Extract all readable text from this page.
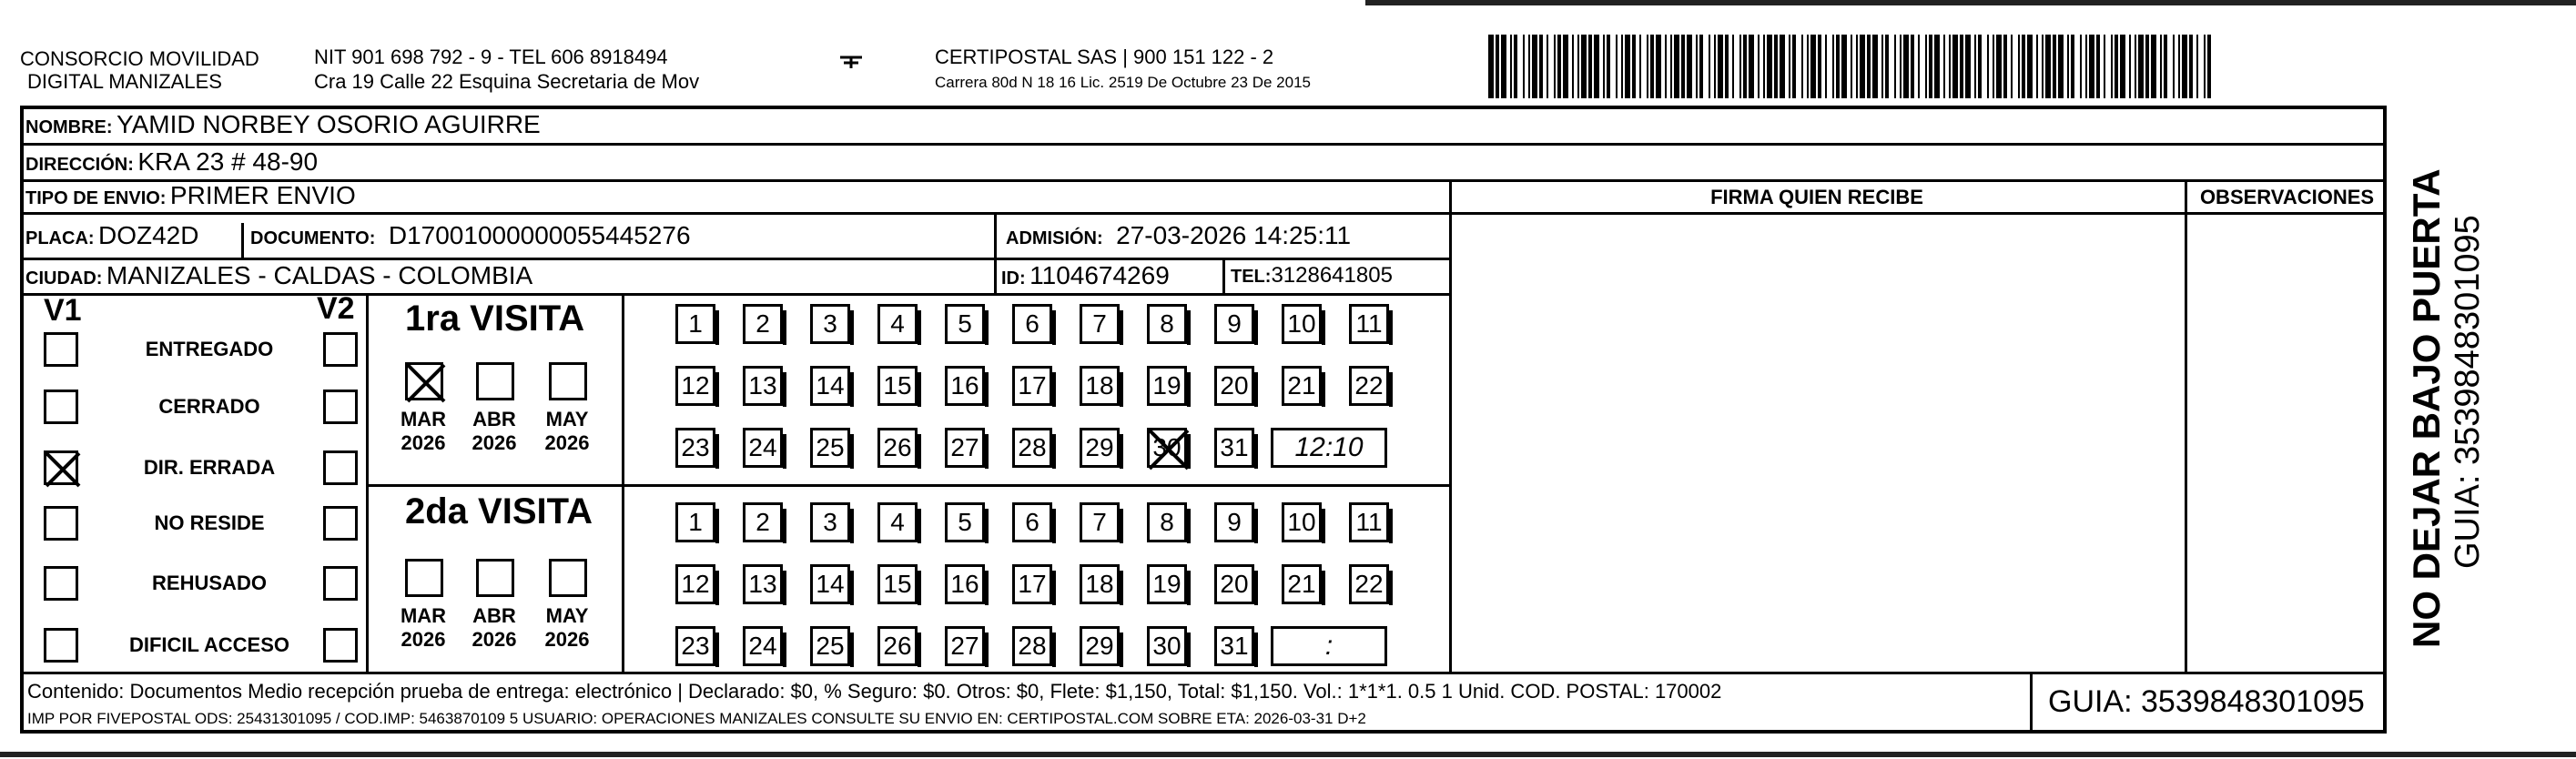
CONSORCIO MOVILIDAD
DIGITAL MANIZALES
NIT 901 698 792 - 9 - TEL 606 8918494
Cra 19 Calle 22 Esquina Secretaria de Mov
CERTIPOSTAL SAS | 900 151 122 - 2
Carrera 80d N 18 16 Lic. 2519 De Octubre 23 De 2015
NOMBRE: YAMID NORBEY OSORIO AGUIRRE
DIRECCIÓN: KRA 23 # 48-90
TIPO DE ENVIO: PRIMER ENVIO
PLACA: DOZ42D	DOCUMENTO: D17001000000055445276	ADMISIÓN: 27-03-2026 14:25:11
CIUDAD: MANIZALES - CALDAS - COLOMBIA	ID: 1104674269	TEL:3128641805
FIRMA QUIEN RECIBE	OBSERVACIONES
V1	V2 1ra VISITA
2da VISITA
Contenido: Documentos Medio recepción prueba de entrega: electrónico | Declarado: $0, % Seguro: $0. Otros: $0, Flete: $1,150, Total: $1,150. Vol.: 1*1*1. 0.5 1 Unid. COD. POSTAL: 170002
IMP POR FIVEPOSTAL ODS: 25431301095 / COD.IMP: 5463870109 5 USUARIO: OPERACIONES MANIZALES CONSULTE SU ENVIO EN: CERTIPOSTAL.COM SOBRE ETA: 2026-03-31 D+2	GUIA: 3539848301095
NO DEJAR BAJO PUERTA GUIA: 3539848301095
ENTREGADO
CERRADO
DIR. ERRADA
NO RESIDE
REHUSADO
DIFICIL ACCESO
MAR
2026
ABR
2026
MAY
2026
MAR
2026
ABR
2026
MAY
2026
1	2	3	4	5	6	7	8	9	10 11
12 13 14 15 16 17 18 19 20 21 22
23 24 25 26 27 28 29 30 31	12:10
1	2	3	4	5	6	7	8	9	10 11
12 13 14 15 16 17 18 19 20 21 22
23 24 25 26 27 28 29 30 31	:
